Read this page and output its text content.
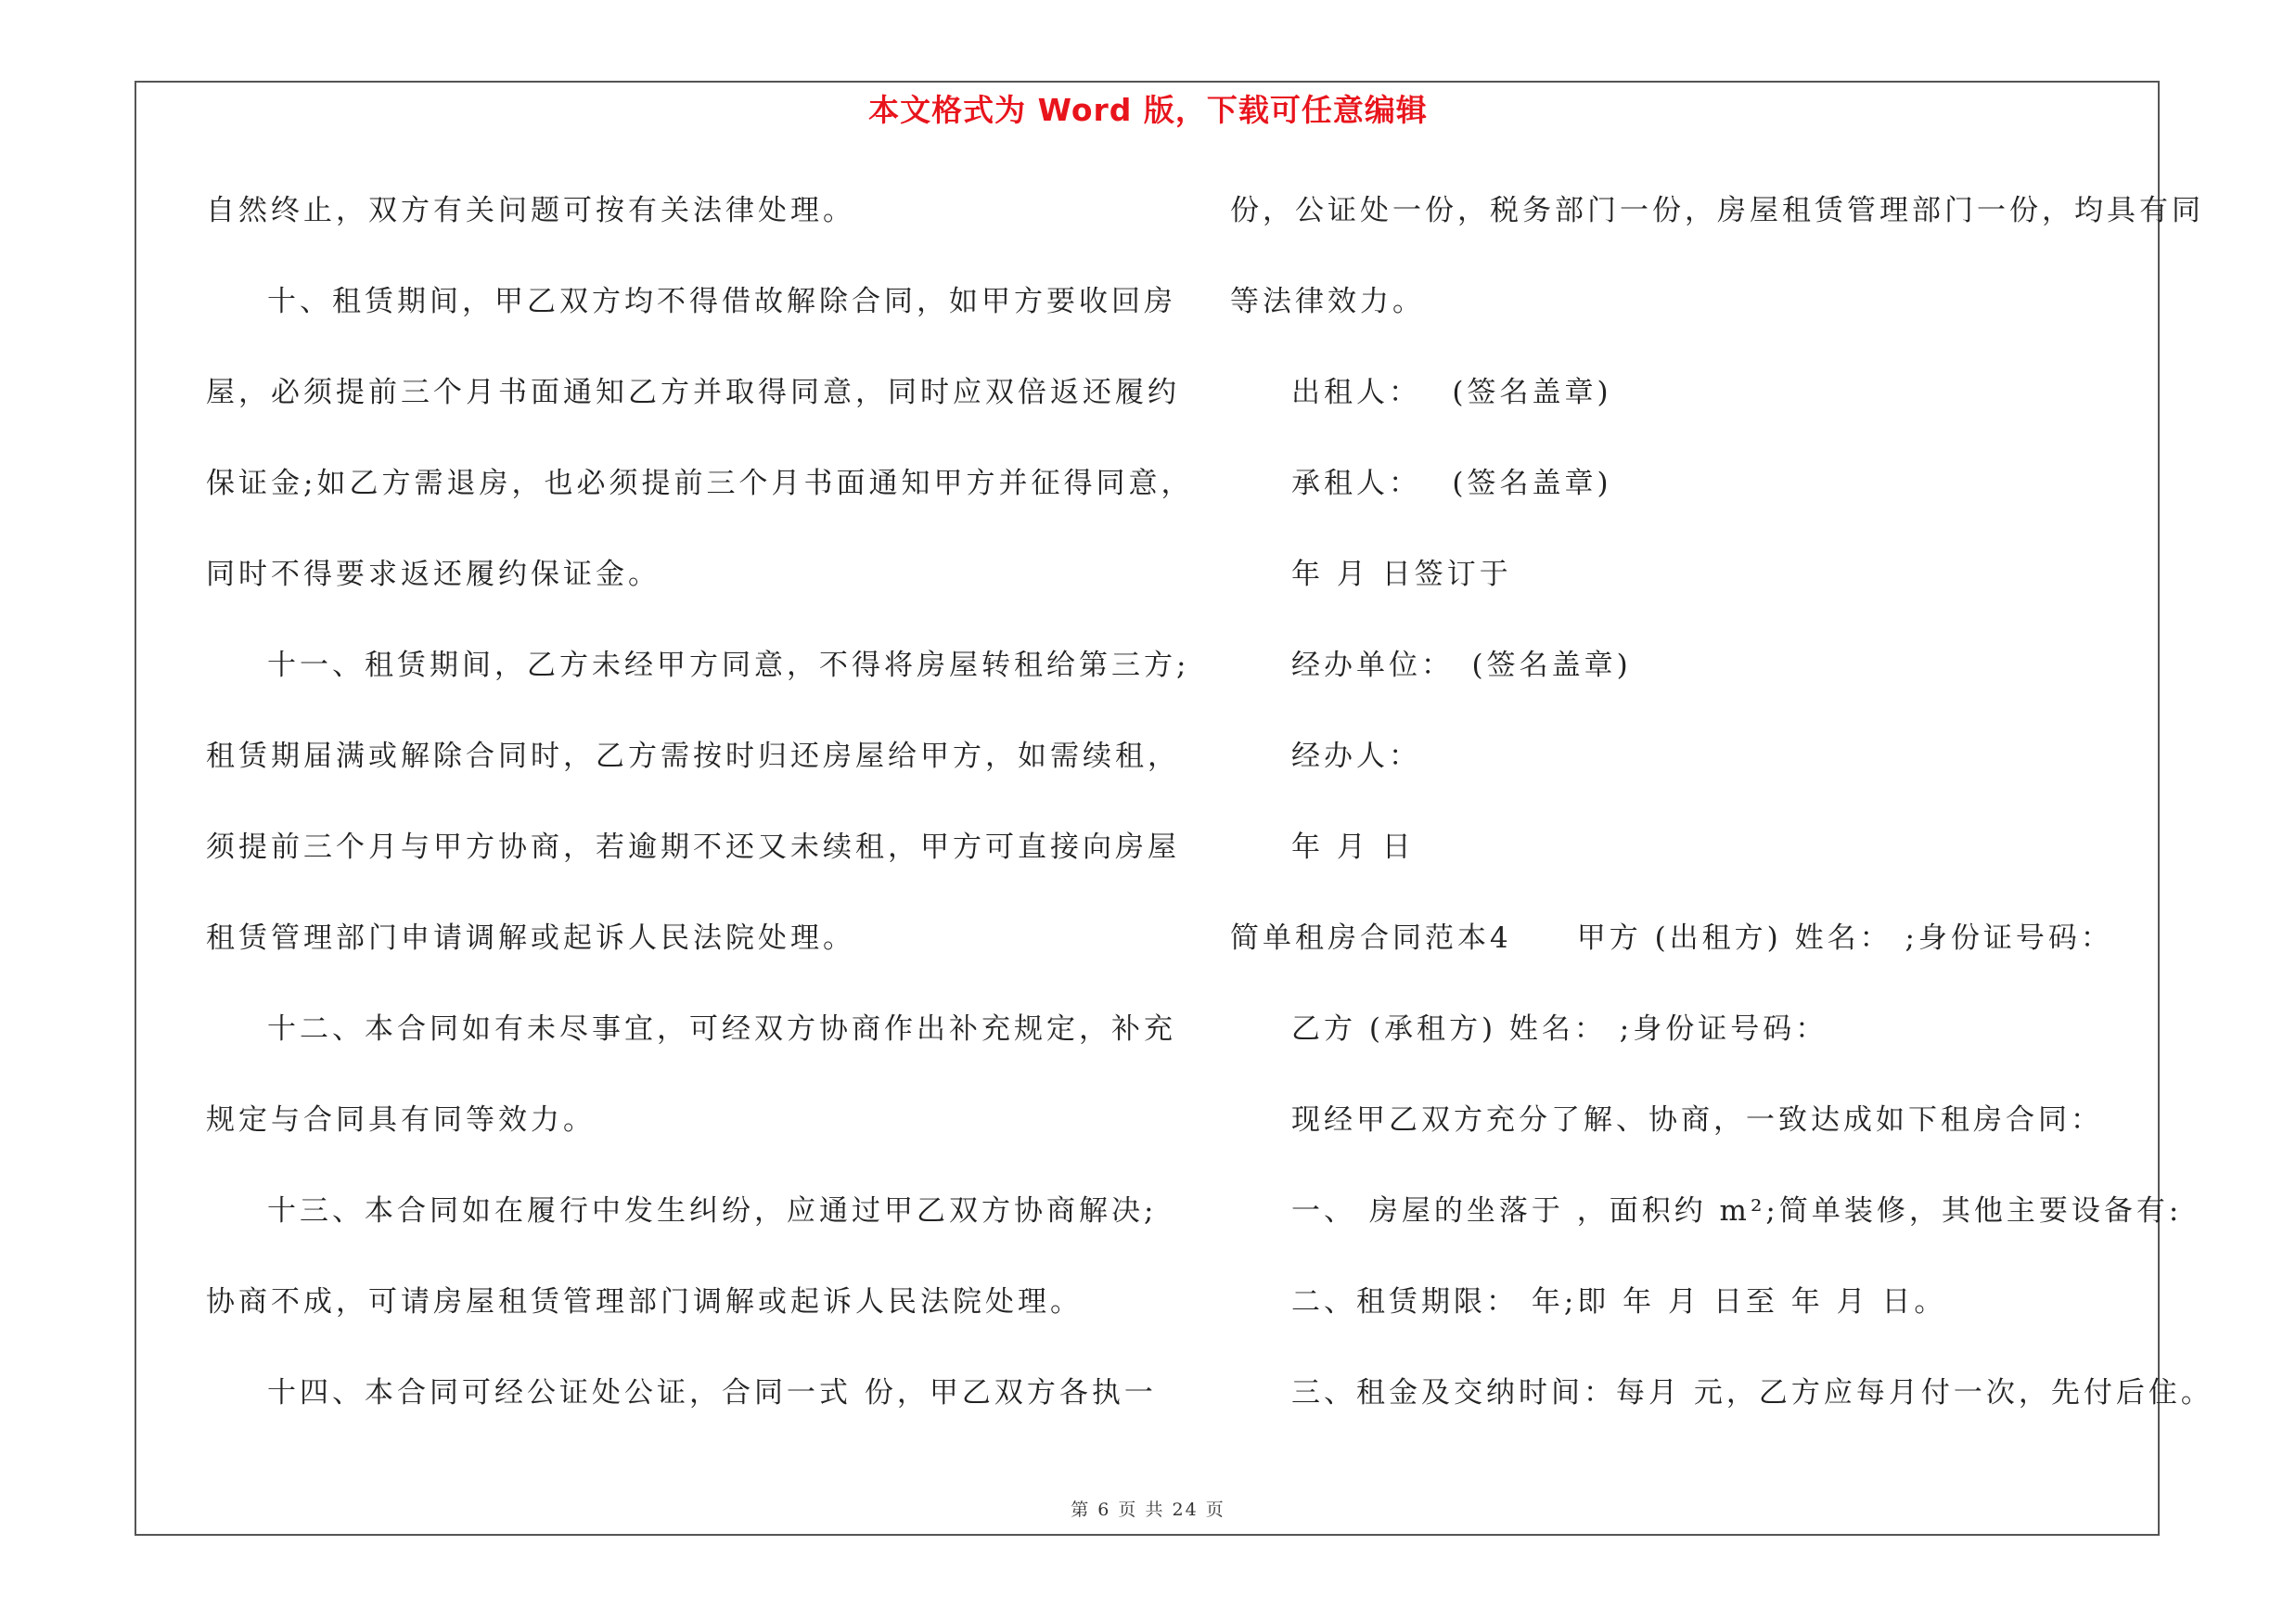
本文格式为 Word 版，下载可任意编辑
自然终止，双方有关问题可按有关法律处理。
十、租赁期间，甲乙双方均不得借故解除合同，如甲方要收回房
屋，必须提前三个月书面通知乙方并取得同意，同时应双倍返还履约
保证金;如乙方需退房，也必须提前三个月书面通知甲方并征得同意，
同时不得要求返还履约保证金。
十一、租赁期间，乙方未经甲方同意，不得将房屋转租给第三方;
租赁期届满或解除合同时，乙方需按时归还房屋给甲方，如需续租，
须提前三个月与甲方协商，若逾期不还又未续租，甲方可直接向房屋
租赁管理部门申请调解或起诉人民法院处理。
十二、本合同如有未尽事宜，可经双方协商作出补充规定，补充
规定与合同具有同等效力。
十三、本合同如在履行中发生纠纷，应通过甲乙双方协商解决;
协商不成，可请房屋租赁管理部门调解或起诉人民法院处理。
十四、本合同可经公证处公证，合同一式 份，甲乙双方各执一
份，公证处一份，税务部门一份，房屋租赁管理部门一份，均具有同
等法律效力。
出租人：　 (签名盖章)
承租人：　 (签名盖章)
年 月 日签订于
经办单位：　(签名盖章)
经办人：
年 月 日
简单租房合同范本4　　甲方 (出租方) 姓名： ;身份证号码：
乙方 (承租方) 姓名： ;身份证号码：
现经甲乙双方充分了解、协商，一致达成如下租房合同：
一、 房屋的坐落于 ，面积约 m²;简单装修，其他主要设备有:
二、租赁期限： 年;即 年 月 日至 年 月 日。
三、租金及交纳时间：每月 元，乙方应每月付一次，先付后住。
第 6 页 共 24 页
